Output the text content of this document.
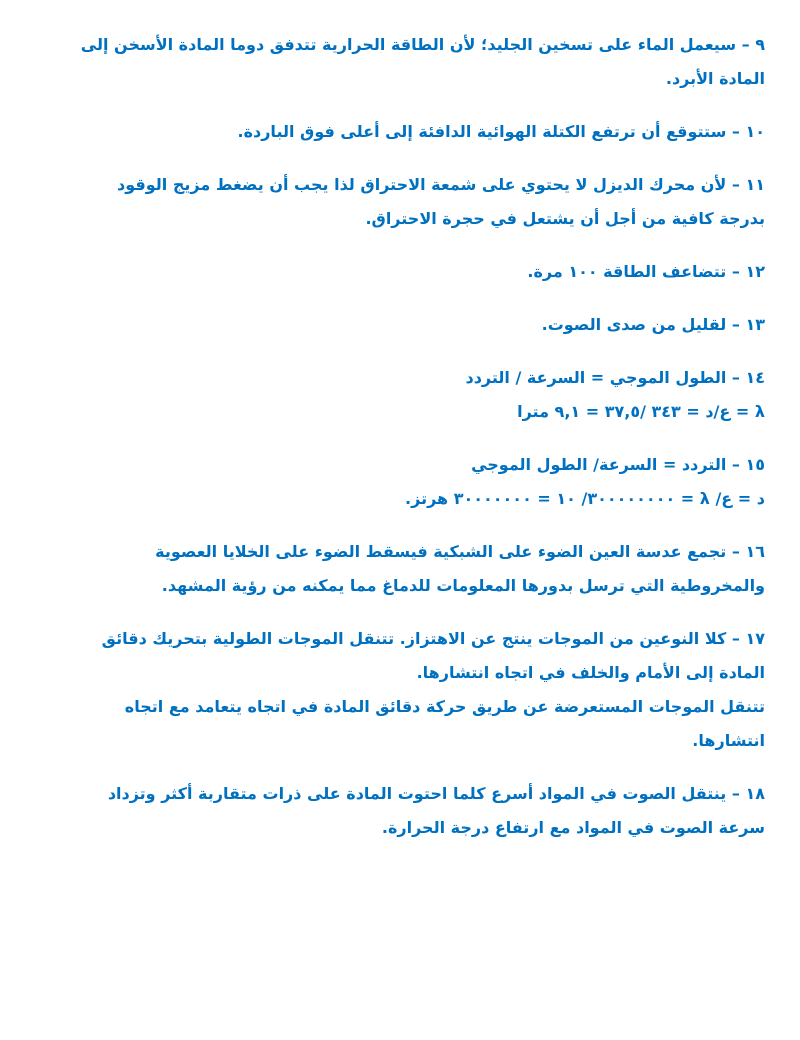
٩ – سيعمل الماء على تسخين الجليد؛ لأن الطاقة الحرارية تتدفق دوما المادة الأسخن إلى المادة الأبرد.

١٠ – ستتوقع أن ترتفع الكتلة الهوائية الدافئة إلى أعلى فوق الباردة.

١١ – لأن محرك الديزل لا يحتوي على شمعة الاحتراق لذا يجب أن يضغط مزيج الوقود بدرجة كافية من أجل أن يشتعل في حجرة الاحتراق.

١٢ – تتضاعف الطاقة ١٠٠ مرة.

١٣ – لقليل من صدى الصوت.

١٤ – الطول الموجي = السرعة / التردد

λ = ع/د = ٣٤٣ /٣٧,٥ = ٩,١ مترا

١٥ – التردد = السرعة/ الطول الموجي

د = ع/ λ = ٣٠٠٠٠٠٠٠٠/ ١٠ = ٣٠٠٠٠٠٠٠ هرتز.

١٦ – تجمع عدسة العين الضوء على الشبكية فيسقط الضوء على الخلايا العصوية والمخروطية التي ترسل بدورها المعلومات للدماغ مما يمكنه من رؤية المشهد.

١٧ – كلا النوعين من الموجات ينتج عن الاهتزاز. تتنقل الموجات الطولية بتحريك دقائق المادة إلى الأمام والخلف في اتجاه انتشارها.

تتنقل الموجات المستعرضة عن طريق حركة دقائق المادة في اتجاه يتعامد مع اتجاه انتشارها.

١٨ – ينتقل الصوت في المواد أسرع كلما احتوت المادة على ذرات متقاربة أكثر وتزداد سرعة الصوت في المواد مع ارتفاع درجة الحرارة.
